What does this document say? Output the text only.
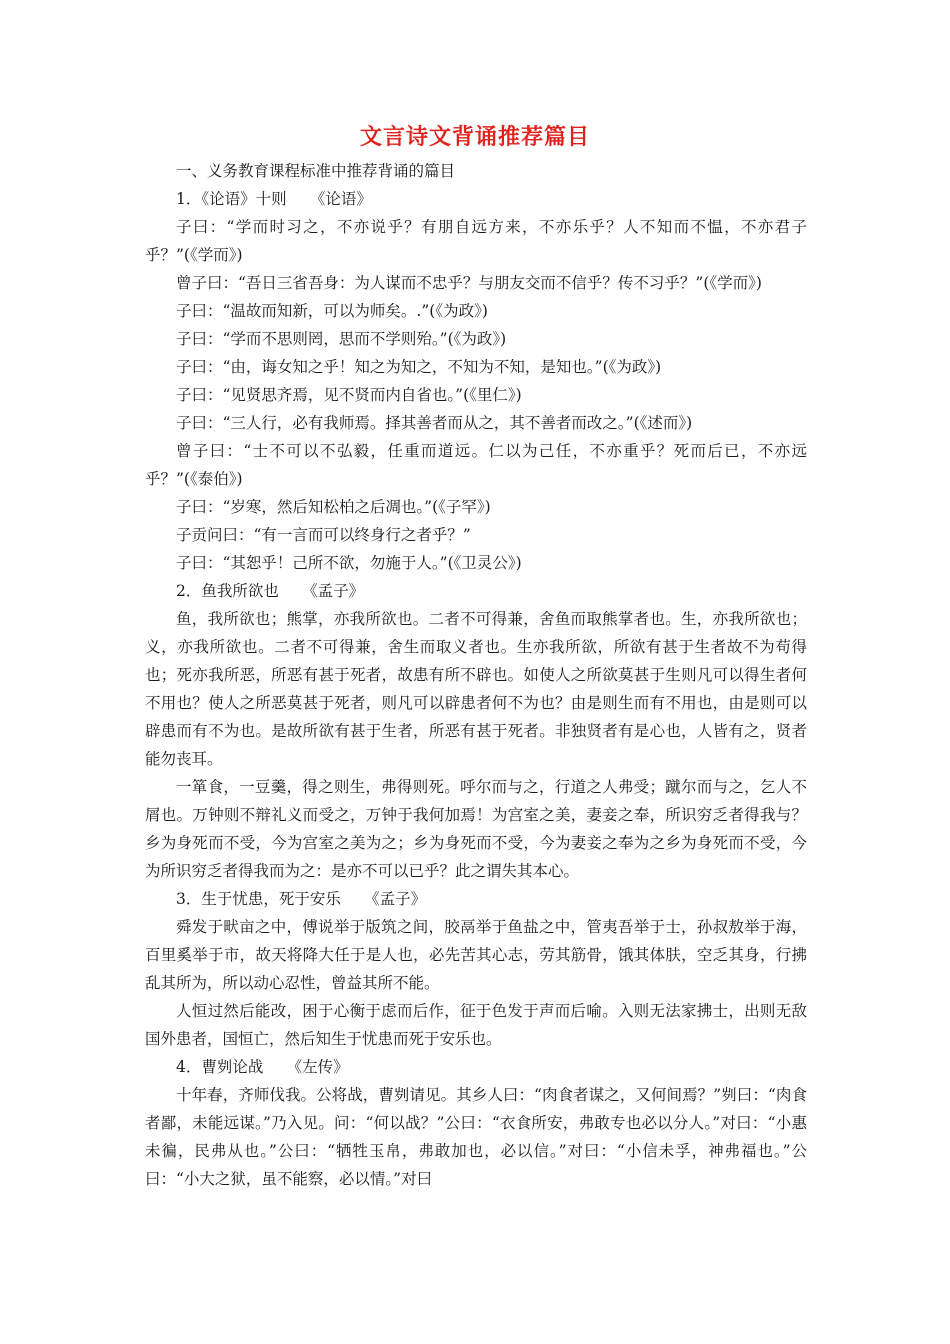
文言诗文背诵推荐篇目

一、义务教育课程标准中推荐背诵的篇目

1．《论语》十则　　《论语》

子曰：“学而时习之，不亦说乎？有朋自远方来，不亦乐乎？人不知而不愠，不亦君子乎？”(《学而》)

曾子曰：“吾日三省吾身：为人谋而不忠乎？与朋友交而不信乎？传不习乎？”(《学而》)

子曰：“温故而知新，可以为师矣。.”(《为政》)

子曰：“学而不思则罔，思而不学则殆。”(《为政》)

子曰：“由，诲女知之乎！知之为知之，不知为不知，是知也。”(《为政》)

子曰：“见贤思齐焉，见不贤而内自省也。”(《里仁》)

子曰：“三人行，必有我师焉。择其善者而从之，其不善者而改之。”(《述而》)

曾子曰：“士不可以不弘毅，任重而道远。仁以为己任，不亦重乎？死而后已，不亦远乎？”(《泰伯》)

子曰：“岁寒，然后知松柏之后凋也。”(《子罕》)

子贡问曰：“有一言而可以终身行之者乎？”

子曰：“其恕乎！己所不欲，勿施于人。”(《卫灵公》)

2．鱼我所欲也　　《孟子》

鱼，我所欲也；熊掌，亦我所欲也。二者不可得兼，舍鱼而取熊掌者也。生，亦我所欲也；义，亦我所欲也。二者不可得兼，舍生而取义者也。生亦我所欲，所欲有甚于生者故不为苟得也；死亦我所恶，所恶有甚于死者，故患有所不辟也。如使人之所欲莫甚于生则凡可以得生者何不用也？使人之所恶莫甚于死者，则凡可以辟患者何不为也？由是则生而有不用也，由是则可以辟患而有不为也。是故所欲有甚于生者，所恶有甚于死者。非独贤者有是心也，人皆有之，贤者能勿丧耳。

一箪食，一豆羹，得之则生，弗得则死。呼尔而与之，行道之人弗受；蹴尔而与之，乞人不屑也。万钟则不辩礼义而受之，万钟于我何加焉！为宫室之美，妻妾之奉，所识穷乏者得我与？乡为身死而不受，今为宫室之美为之；乡为身死而不受，今为妻妾之奉为之乡为身死而不受，今为所识穷乏者得我而为之：是亦不可以已乎？此之谓失其本心。

3．生于忧患，死于安乐　　《孟子》

舜发于畎亩之中，傅说举于版筑之间，胶鬲举于鱼盐之中，管夷吾举于士，孙叔敖举于海，百里奚举于市，故天将降大任于是人也，必先苦其心志，劳其筋骨，饿其体肤，空乏其身，行拂乱其所为，所以动心忍性，曾益其所不能。

人恒过然后能改，困于心衡于虑而后作，征于色发于声而后喻。入则无法家拂士，出则无敌国外患者，国恒亡，然后知生于忧患而死于安乐也。

4．曹刿论战　　《左传》

十年春，齐师伐我。公将战，曹刿请见。其乡人曰：“肉食者谋之，又何间焉？”刿曰：“肉食者鄙，未能远谋。”乃入见。问：“何以战？”公曰：“衣食所安，弗敢专也必以分人。”对曰：“小惠未徧，民弗从也。”公曰：“牺牲玉帛，弗敢加也，必以信。”对曰：“小信未孚，神弗福也。”公曰：“小大之狱，虽不能察，必以情。”对曰
